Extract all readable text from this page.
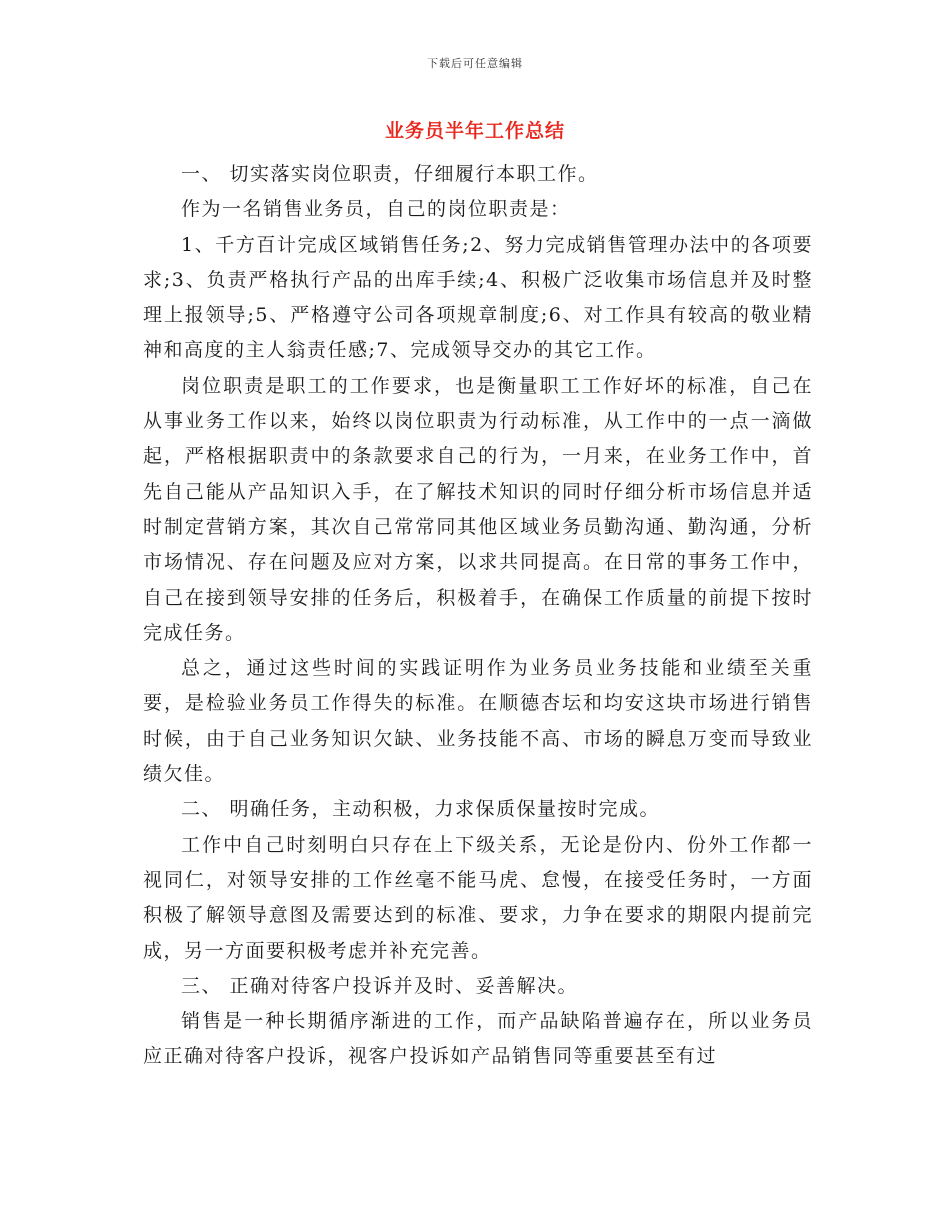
下载后可任意编辑
业务员半年工作总结

一、 切实落实岗位职责，仔细履行本职工作。

作为一名销售业务员，自己的岗位职责是：

1、千方百计完成区域销售任务;2、努力完成销售管理办法中的各项要求;3、负责严格执行产品的出库手续;4、积极广泛收集市场信息并及时整理上报领导;5、严格遵守公司各项规章制度;6、对工作具有较高的敬业精神和高度的主人翁责任感;7、完成领导交办的其它工作。

岗位职责是职工的工作要求，也是衡量职工工作好坏的标准，自己在从事业务工作以来，始终以岗位职责为行动标准，从工作中的一点一滴做起，严格根据职责中的条款要求自己的行为，一月来，在业务工作中，首先自己能从产品知识入手，在了解技术知识的同时仔细分析市场信息并适时制定营销方案，其次自己常常同其他区域业务员勤沟通、勤沟通，分析市场情况、存在问题及应对方案，以求共同提高。在日常的事务工作中，自己在接到领导安排的任务后，积极着手，在确保工作质量的前提下按时完成任务。

总之，通过这些时间的实践证明作为业务员业务技能和业绩至关重要，是检验业务员工作得失的标准。在顺德杏坛和均安这块市场进行销售时候，由于自己业务知识欠缺、业务技能不高、市场的瞬息万变而导致业绩欠佳。

二、 明确任务，主动积极，力求保质保量按时完成。

工作中自己时刻明白只存在上下级关系，无论是份内、份外工作都一视同仁，对领导安排的工作丝毫不能马虎、怠慢，在接受任务时，一方面积极了解领导意图及需要达到的标准、要求，力争在要求的期限内提前完成，另一方面要积极考虑并补充完善。

三、 正确对待客户投诉并及时、妥善解决。

销售是一种长期循序渐进的工作，而产品缺陷普遍存在，所以业务员应正确对待客户投诉，视客户投诉如产品销售同等重要甚至有过
